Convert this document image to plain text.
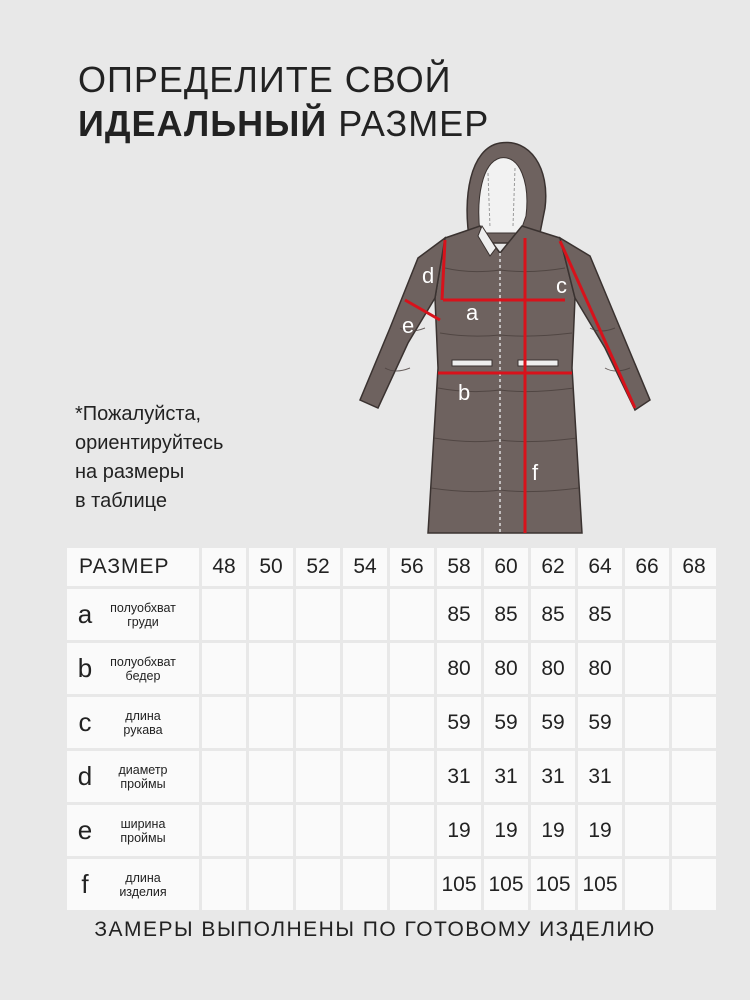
ОПРЕДЕЛИТЕ СВОЙ
ИДЕАЛЬНЫЙ РАЗМЕР
*Пожалуйста,
ориентируйтесь
на размеры
в таблице
a
b
c
d
e
f
РАЗМЕР	48	50	52	54	56	58	60	62	64	66	68
a полуобхват
груди						85	85	85	85		
b полуобхват
бедер						80	80	80	80		
c длина
рукава						59	59	59	59		
d диаметр
проймы						31	31	31	31		
e ширина
проймы						19	19	19	19		
f длина
изделия						105	105	105	105		
ЗАМЕРЫ ВЫПОЛНЕНЫ ПО ГОТОВОМУ ИЗДЕЛИЮ
